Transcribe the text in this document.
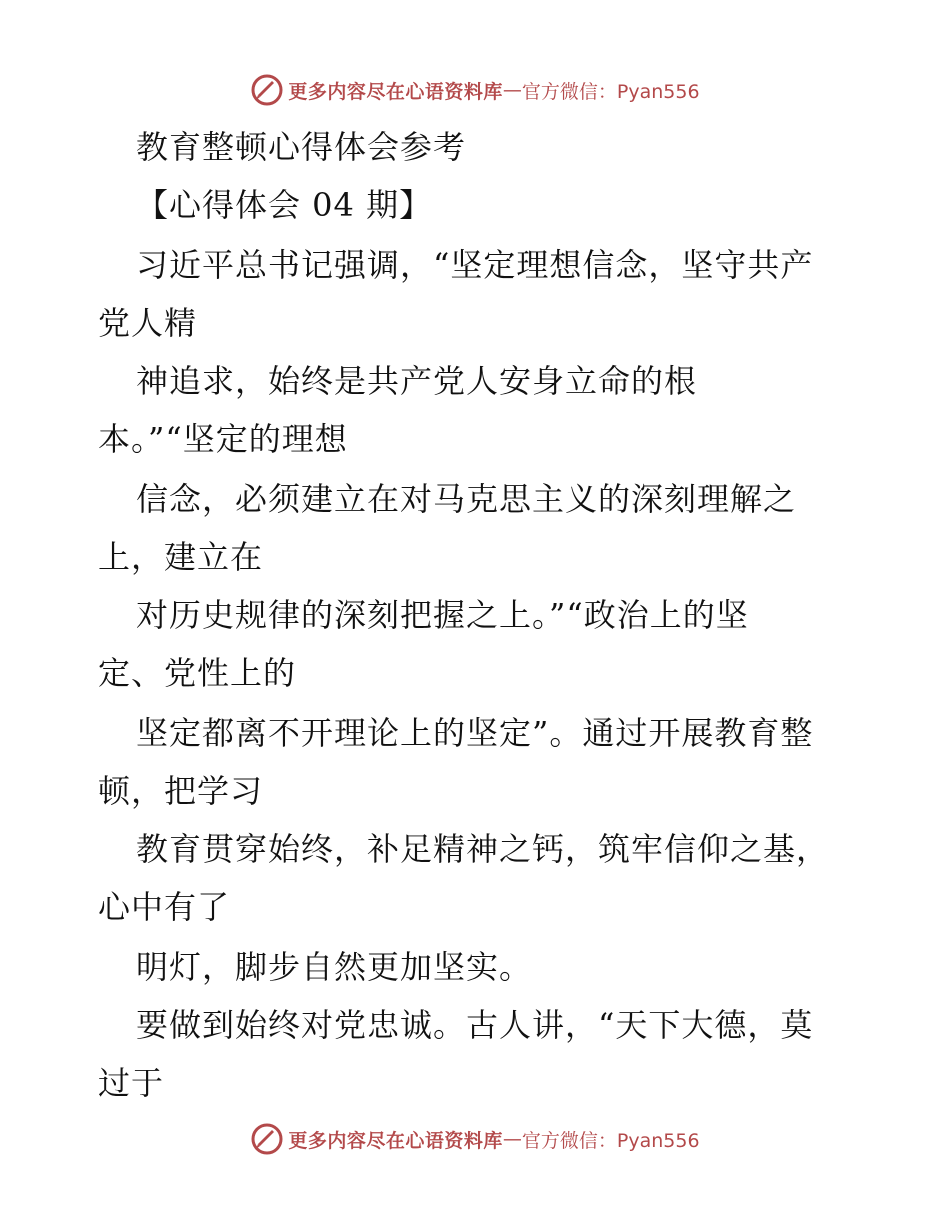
更多内容尽在心语资料库 — 官方微信：Pyan556
教育整顿心得体会参考
【心得体会 04 期】
习近平总书记强调，“坚定理想信念，坚守共产
党人精
神追求，始终是共产党人安身立命的根
本。”“坚定的理想
信念，必须建立在对马克思主义的深刻理解之
上，建立在
对历史规律的深刻把握之上。”“政治上的坚
定、党性上的
坚定都离不开理论上的坚定”。通过开展教育整
顿，把学习
教育贯穿始终，补足精神之钙，筑牢信仰之基，
心中有了
明灯，脚步自然更加坚实。
要做到始终对党忠诚。古人讲，“天下大德，莫
过于
更多内容尽在心语资料库 — 官方微信：Pyan556
